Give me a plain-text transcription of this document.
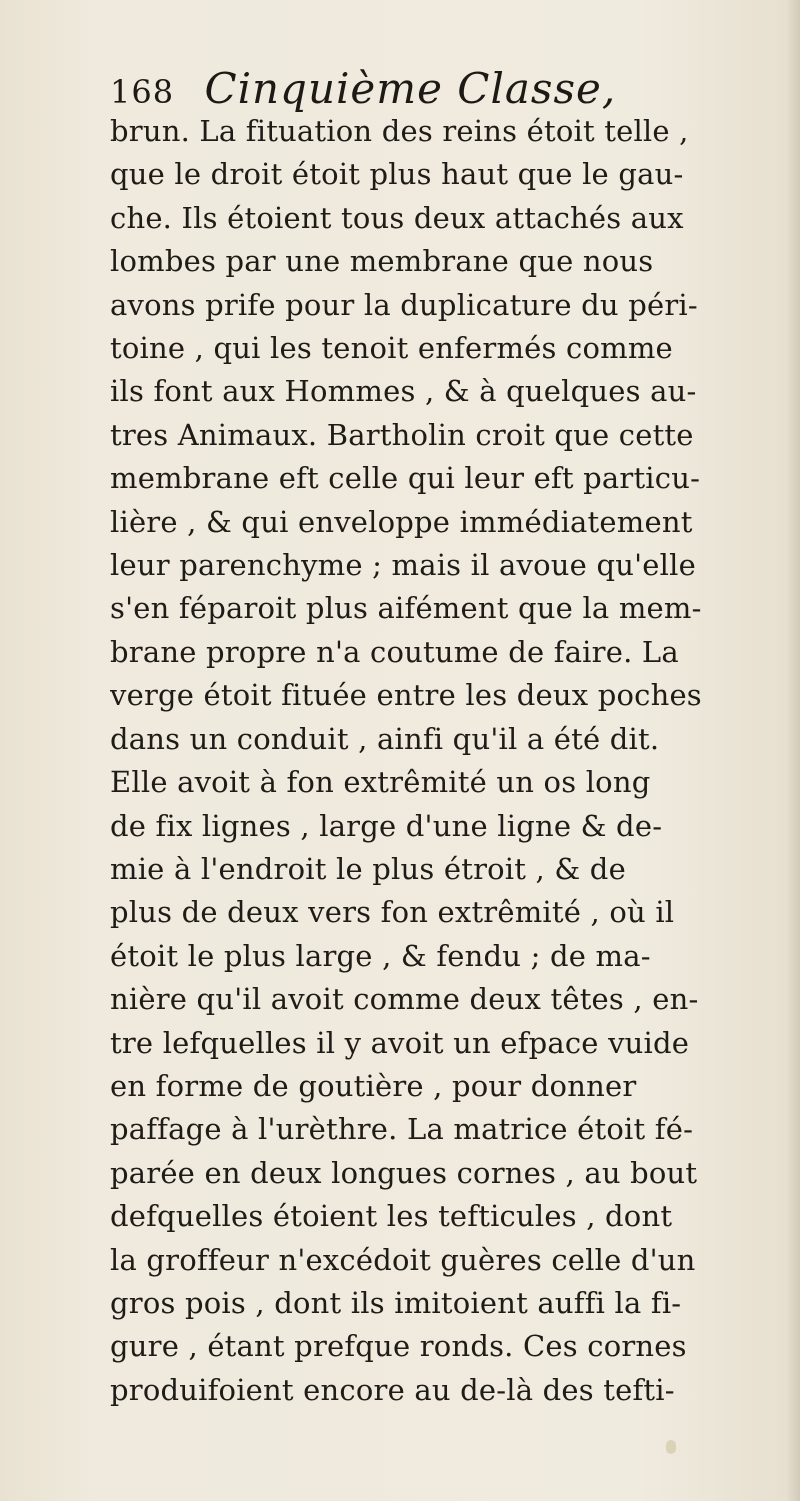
168 Cinquième Classe,
brun. La fituation des reins étoit telle ,
que le droit étoit plus haut que le gau-
che. Ils étoient tous deux attachés aux
lombes par une membrane que nous
avons prife pour la duplicature du péri-
toine , qui les tenoit enfermés comme
ils font aux Hommes , & à quelques au-
tres Animaux. Bartholin croit que cette
membrane eft celle qui leur eft particu-
lière , & qui enveloppe immédiatement
leur parenchyme ; mais il avoue qu'elle
s'en féparoit plus aifément que la mem-
brane propre n'a coutume de faire. La
verge étoit fituée entre les deux poches
dans un conduit , ainfi qu'il a été dit.
Elle avoit à fon extrêmité un os long
de fix lignes , large d'une ligne & de-
mie à l'endroit le plus étroit , & de
plus de deux vers fon extrêmité , où il
étoit le plus large , & fendu ; de ma-
nière qu'il avoit comme deux têtes , en-
tre lefquelles il y avoit un efpace vuide
en forme de goutière , pour donner
paffage à l'urèthre. La matrice étoit fé-
parée en deux longues cornes , au bout
defquelles étoient les tefticules , dont
la groffeur n'excédoit guères celle d'un
gros pois , dont ils imitoient auffi la fi-
gure , étant prefque ronds. Ces cornes
produifoient encore au de-là des tefti-
